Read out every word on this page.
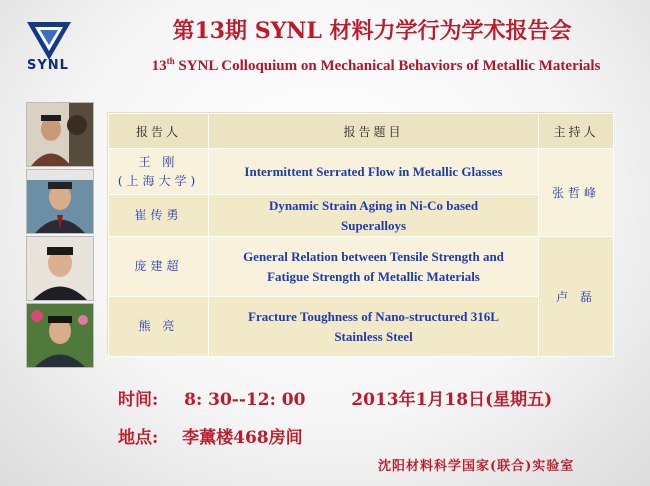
SYNL
第13期 SYNL 材料力学行为学术报告会
13th SYNL Colloquium on Mechanical Behaviors of Metallic Materials
报告人	报告题目	主持人

王 刚
(上海大学)	Intermittent Serrated Flow in Metallic Glasses	张哲峰

崔传勇	Dynamic Strain Aging in Ni-Co based
Superalloys	

庞建超	General Relation between Tensile Strength and
Fatigue Strength of Metallic Materials	卢 磊

熊 亮	Fracture Toughness of Nano-structured 316L
Stainless Steel	
时间: 8: 30--12: 00	2013年1月18日(星期五)
地点: 李薰楼468房间
沈阳材料科学国家(联合)实验室
